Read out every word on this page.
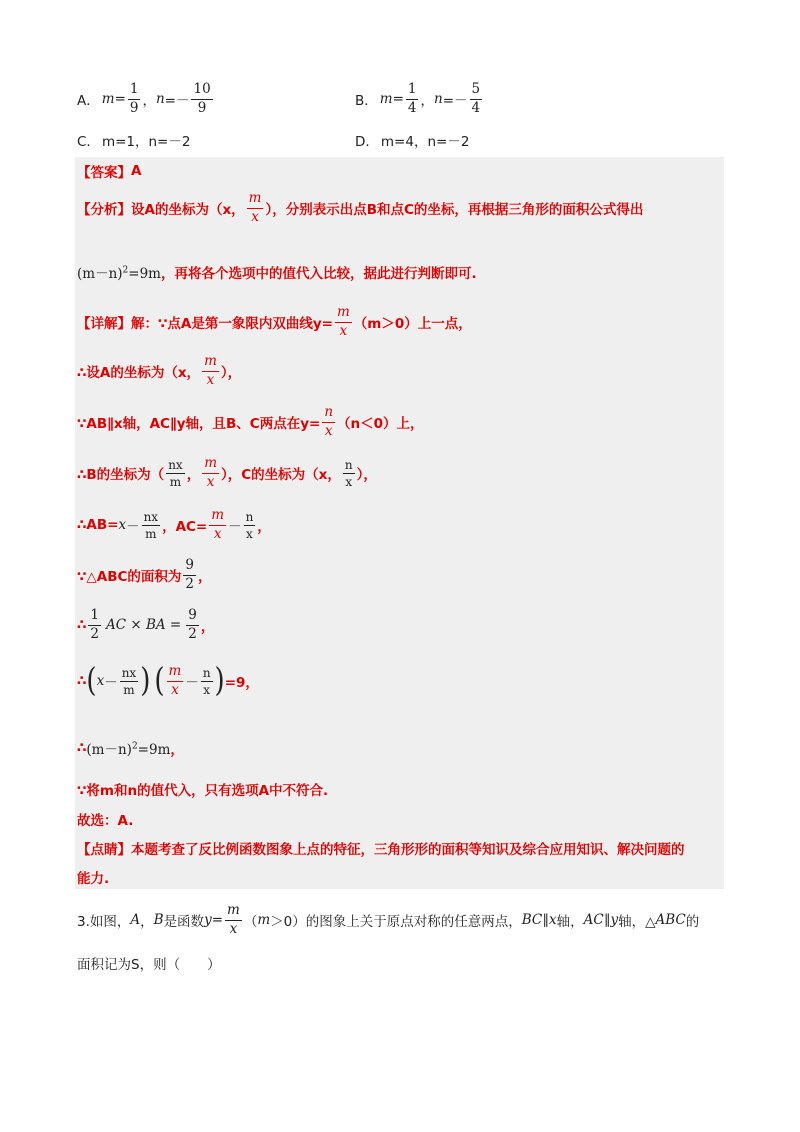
A． $m = \frac{1}{9}$ ， $n =- \frac{10}{9}$	B． $m = \frac{1}{4}$ ， $n =- \frac{5}{4}$
C． m=1，n=－2	D． m=4，n=－2
【答案】 A
【分析】 设A的坐标为（x， $\frac{m}{x}$ ），分别表示出点B和点C的坐标，再根据三角形的面积公式得出
$(m-n)^2=9m$ ，再将各个选项中的值代入比较，据此进行判断即可.
【详解】 解：∵点A是第一象限内双曲线$y= \frac{m}{x} (m>0)$上一点，
∴设A的坐标为（x， $\frac{m}{x}$ ），
∵AB∥x轴，AC∥y轴，且B、C两点在$y= \frac{n}{x} (n<0)$上，
∴B的坐标为（ $\frac{nx}{m}$ ， $\frac{m}{x}$ ），C的坐标为（x， $\frac{n}{x}$ ），
∴AB= $x - \frac{nx}{m}$ ，$AC= \frac{m}{x} - \frac{n}{x}$ ，
∵△ABC的面积为 $\frac{9}{2}$ ，
∴ $\frac{1}{2}$ AC × BA = $\frac{9}{2}$ ，
∴ ( $x - \frac{nx}{m}$ ) ( $\frac{m}{x} - \frac{n}{x}$ ) =9，
∴ $(m-n)^2=9m$ ，
∵将m和n的值代入，只有选项A中不符合.
故选：A.
【点睛】 本题考查了反比例函数图象上点的特征，三角形形的面积等知识及综合应用知识、解决问题的
能力.
3.如图， A ， B 是函数 $y = \frac{m}{x}$ （ m ＞0）的图象上关于原点对称的任意两点， BC ∥ x 轴， AC ∥ y 轴，△ ABC 的
面积记为S，则（　　）
